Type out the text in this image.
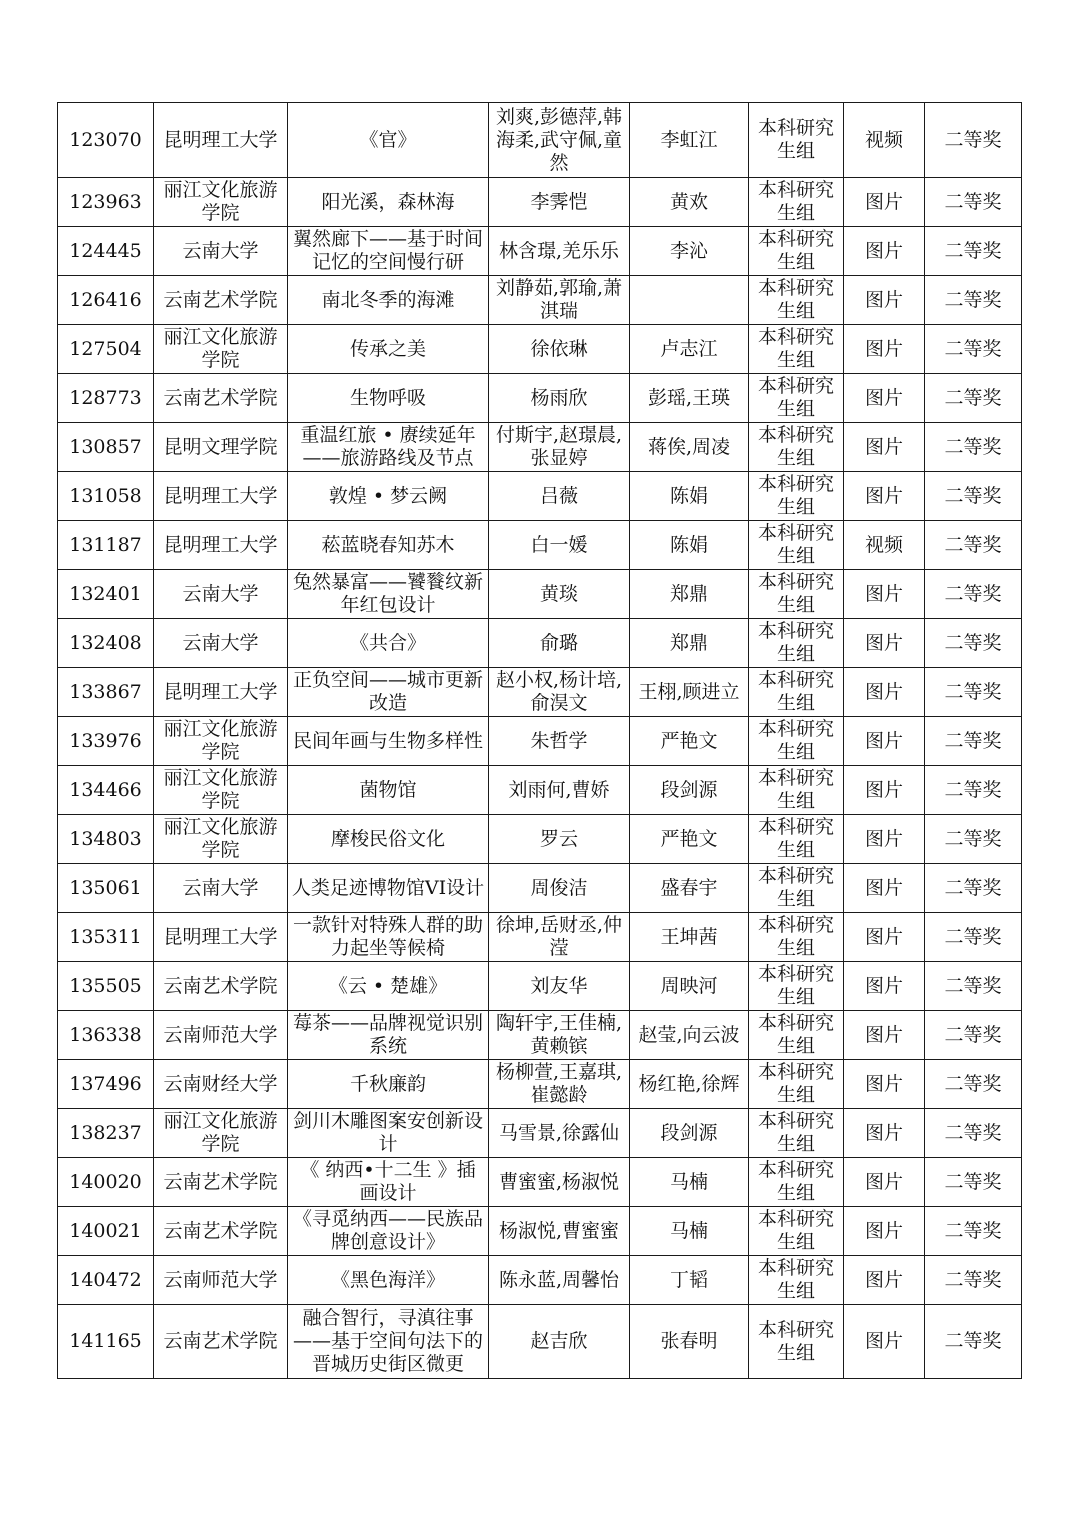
123070	昆明理工大学	《官》	刘爽,彭德萍,韩海柔,武守佩,童然	李虹江	本科研究生组	视频	二等奖

123963	丽江文化旅游学院	阳光溪，森林海	李霁恺	黄欢	本科研究生组	图片	二等奖

124445	云南大学	翼然廊下——基于时间记忆的空间慢行研	林含璟,羌乐乐	李沁	本科研究生组	图片	二等奖

126416	云南艺术学院	南北冬季的海滩	刘静茹,郭瑜,萧淇瑞		本科研究生组	图片	二等奖

127504	丽江文化旅游学院	传承之美	徐依琳	卢志江	本科研究生组	图片	二等奖

128773	云南艺术学院	生物呼吸	杨雨欣	彭瑶,王瑛	本科研究生组	图片	二等奖

130857	昆明文理学院	重温红旅 • 赓续延年——旅游路线及节点	付斯宇,赵璟晨,张显婷	蒋俟,周凌	本科研究生组	图片	二等奖

131058	昆明理工大学	敦煌 • 梦云阙	吕薇	陈娟	本科研究生组	图片	二等奖

131187	昆明理工大学	菘蓝晓春知苏木	白一媛	陈娟	本科研究生组	视频	二等奖

132401	云南大学	兔然暴富——饕餮纹新年红包设计	黄琰	郑鼎	本科研究生组	图片	二等奖

132408	云南大学	《共合》	俞璐	郑鼎	本科研究生组	图片	二等奖

133867	昆明理工大学	正负空间——城市更新改造	赵小权,杨计培,俞淏文	王栩,顾进立	本科研究生组	图片	二等奖

133976	丽江文化旅游学院	民间年画与生物多样性	朱哲学	严艳文	本科研究生组	图片	二等奖

134466	丽江文化旅游学院	菌物馆	刘雨何,曹娇	段剑源	本科研究生组	图片	二等奖

134803	丽江文化旅游学院	摩梭民俗文化	罗云	严艳文	本科研究生组	图片	二等奖

135061	云南大学	人类足迹博物馆VI设计	周俊洁	盛春宇	本科研究生组	图片	二等奖

135311	昆明理工大学	一款针对特殊人群的助力起坐等候椅	徐坤,岳财丞,仲滢	王坤茜	本科研究生组	图片	二等奖

135505	云南艺术学院	《云 • 楚雄》	刘友华	周映河	本科研究生组	图片	二等奖

136338	云南师范大学	莓茶——品牌视觉识别系统	陶轩宇,王佳楠,黄赖镔	赵莹,向云波	本科研究生组	图片	二等奖

137496	云南财经大学	千秋廉韵	杨柳萱,王嘉琪,崔懿龄	杨红艳,徐辉	本科研究生组	图片	二等奖

138237	丽江文化旅游学院	剑川木雕图案安创新设计	马雪景,徐露仙	段剑源	本科研究生组	图片	二等奖

140020	云南艺术学院	《 纳西•十二生 》插画设计	曹蜜蜜,杨淑悦	马楠	本科研究生组	图片	二等奖

140021	云南艺术学院	《寻觅纳西——民族品牌创意设计》	杨淑悦,曹蜜蜜	马楠	本科研究生组	图片	二等奖

140472	云南师范大学	《黑色海洋》	陈永蓝,周馨怡	丁韬	本科研究生组	图片	二等奖

141165	云南艺术学院	融合智行，寻滇往事——基于空间句法下的晋城历史街区微更	赵吉欣	张春明	本科研究生组	图片	二等奖
